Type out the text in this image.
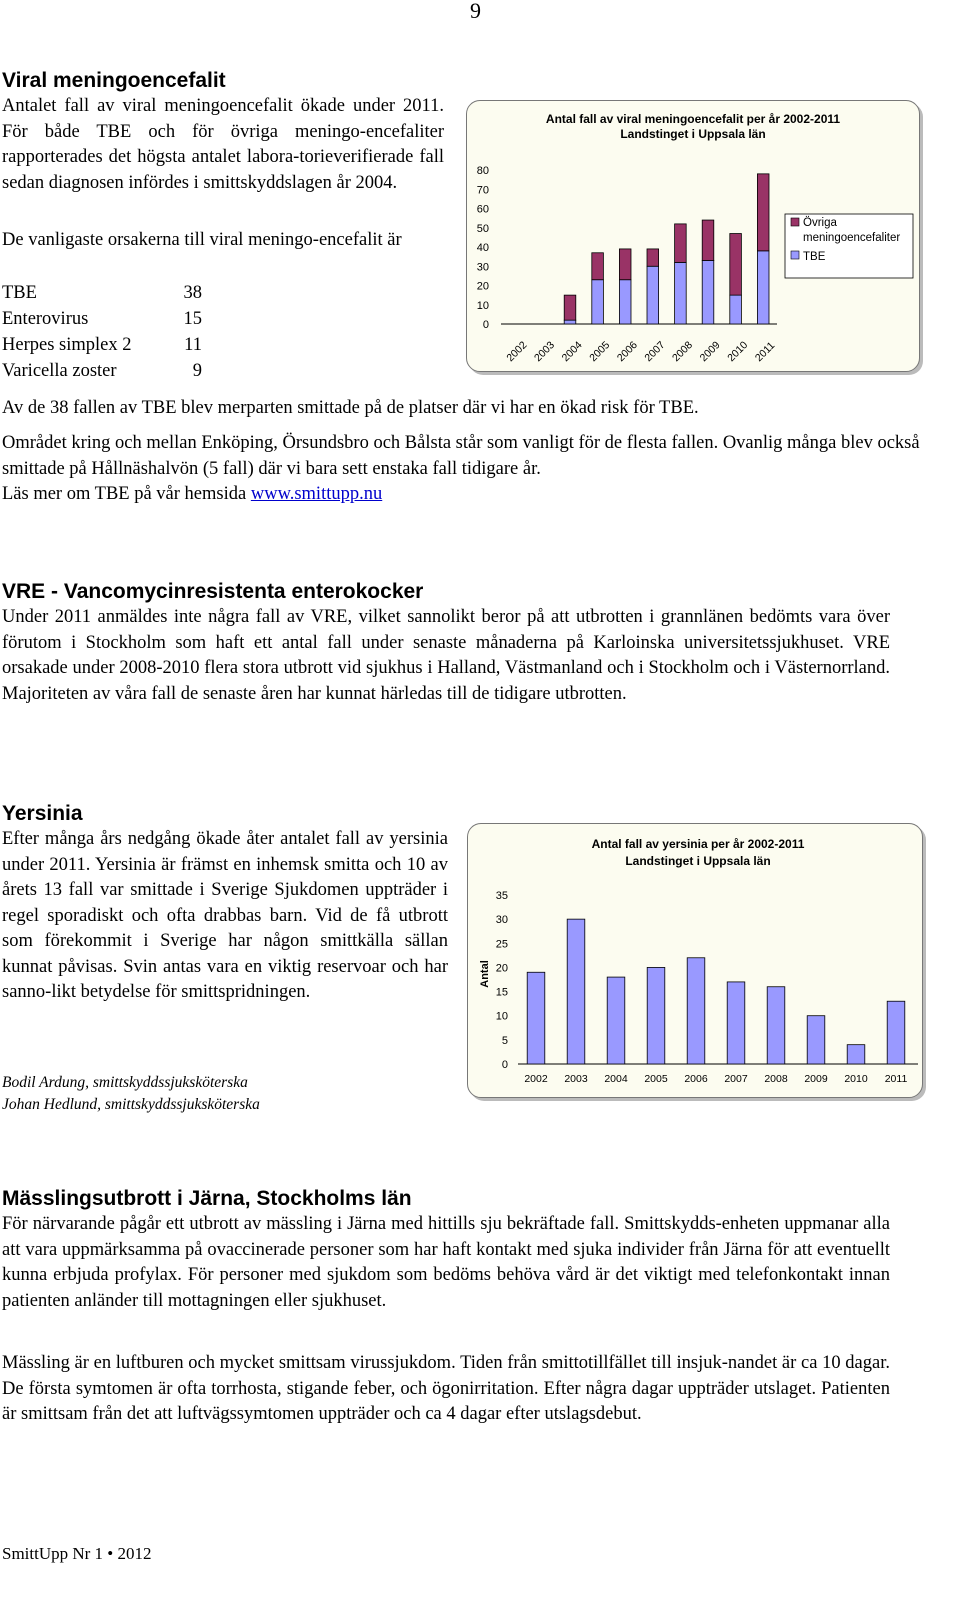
9
Viral meningoencefalit

Antalet fall av viral meningoencefalit ökade under 2011. För både TBE och för övriga meningo-encefaliter rapporterades det högsta antalet labora-torieverifierade fall sedan diagnosen infördes i smittskyddslagen år 2004.

De vanligaste orsakerna till viral meningo-encefalit är

TBE	38
Enterovirus	15
Herpes simplex 2	11
Varicella zoster	9
Antal fall av viral meningoencefalit per år 2002-2011
Landstinget i Uppsala län
0
10
20
30
40
50
60
70
80
2002 2003 2004 2005 2006 2007 2008 2009 2010 2011
Övriga
meningoencefaliter
TBE

Av de 38 fallen av TBE blev merparten smittade på de platser där vi har en ökad risk för TBE.

Området kring och mellan Enköping, Örsundsbro och Bålsta står som vanligt för de flesta fallen. Ovanlig många blev också smittade på Hållnäshalvön (5 fall) där vi bara sett enstaka fall tidigare år.

Läs mer om TBE på vår hemsida www.smittupp.nu

VRE - Vancomycinresistenta enterokocker

Under 2011 anmäldes inte några fall av VRE, vilket sannolikt beror på att utbrotten i grannlänen bedömts vara över förutom i Stockholm som haft ett antal fall under senaste månaderna på Karloinska universitetssjukhuset. VRE orsakade under 2008-2010 flera stora utbrott vid sjukhus i Halland, Västmanland och i Stockholm och i Västernorrland. Majoriteten av våra fall de senaste åren har kunnat härledas till de tidigare utbrotten.

Yersinia

Efter många års nedgång ökade åter antalet fall av yersinia under 2011. Yersinia är främst en inhemsk smitta och 10 av årets 13 fall var smittade i Sverige Sjukdomen uppträder i regel sporadiskt och ofta drabbas barn. Vid de få utbrott som förekommit i Sverige har någon smittkälla sällan kunnat påvisas. Svin antas vara en viktig reservoar och har sanno-likt betydelse för smittspridningen.

Antal fall av yersinia per år 2002-2011
Landstinget i Uppsala län
Antal
0
5
10
15
20
25
30
35
2002 2003 2004 2005 2006 2007 2008 2009 2010 2011

Bodil Ardung, smittskyddssjuksköterska

Johan Hedlund, smittskyddssjuksköterska

Mässlingsutbrott i Järna, Stockholms län

För närvarande pågår ett utbrott av mässling i Järna med hittills sju bekräftade fall. Smittskydds-enheten uppmanar alla att vara uppmärksamma på ovaccinerade personer som har haft kontakt med sjuka individer från Järna för att eventuellt kunna erbjuda profylax. För personer med sjukdom som bedöms behöva vård är det viktigt med telefonkontakt innan patienten anländer till mottagningen eller sjukhuset.

Mässling är en luftburen och mycket smittsam virussjukdom. Tiden från smittotillfället till insjuk-nandet är ca 10 dagar. De första symtomen är ofta torrhosta, stigande feber, och ögonirritation. Efter några dagar uppträder utslaget. Patienten är smittsam från det att luftvägssymtomen uppträder och ca 4 dagar efter utslagsdebut.

SmittUpp Nr 1 • 2012
